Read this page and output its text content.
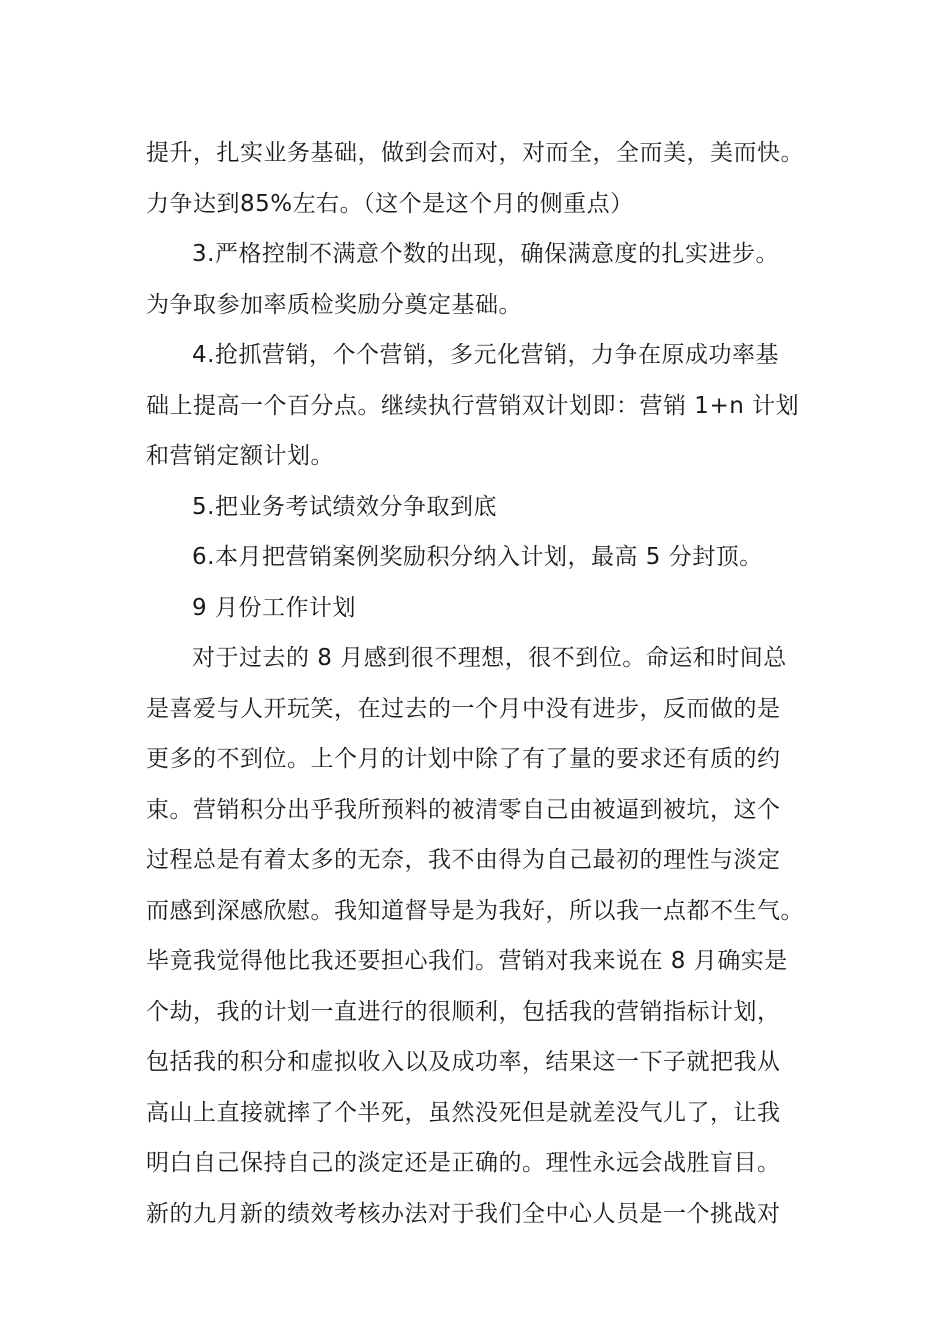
提升，扎实业务基础，做到会而对，对而全，全而美，美而快。
力争达到85%左右。（这个是这个月的侧重点）
3.严格控制不满意个数的出现，确保满意度的扎实进步。
为争取参加率质检奖励分奠定基础。
4.抢抓营销，个个营销，多元化营销，力争在原成功率基
础上提高一个百分点。继续执行营销双计划即：营销 1+n 计划
和营销定额计划。
5.把业务考试绩效分争取到底
6.本月把营销案例奖励积分纳入计划，最高 5 分封顶。
9 月份工作计划
对于过去的 8 月感到很不理想，很不到位。命运和时间总
是喜爱与人开玩笑，在过去的一个月中没有进步，反而做的是
更多的不到位。上个月的计划中除了有了量的要求还有质的约
束。营销积分出乎我所预料的被清零自己由被逼到被坑，这个
过程总是有着太多的无奈，我不由得为自己最初的理性与淡定
而感到深感欣慰。我知道督导是为我好，所以我一点都不生气。
毕竟我觉得他比我还要担心我们。营销对我来说在 8 月确实是
个劫，我的计划一直进行的很顺利，包括我的营销指标计划，
包括我的积分和虚拟收入以及成功率，结果这一下子就把我从
高山上直接就摔了个半死，虽然没死但是就差没气儿了，让我
明白自己保持自己的淡定还是正确的。理性永远会战胜盲目。
新的九月新的绩效考核办法对于我们全中心人员是一个挑战对
